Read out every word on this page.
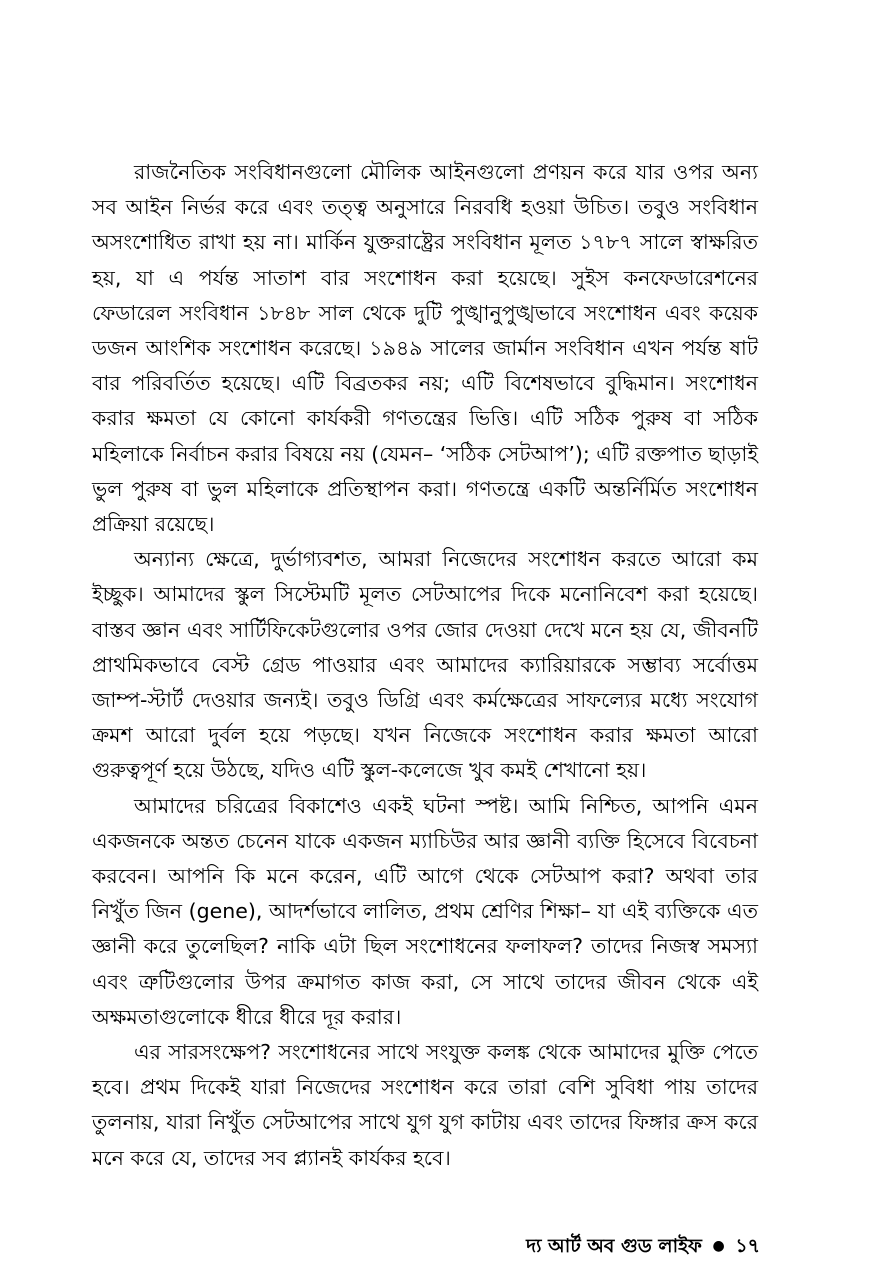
রাজনৈতিক সংবিধানগুলো মৌলিক আইনগুলো প্রণয়ন করে যার ওপর অন্য সব আইন নির্ভর করে এবং তত্ত্ব অনুসারে নিরবধি হওয়া উচিত। তবুও সংবিধান অসংশোধিত রাখা হয় না। মার্কিন যুক্তরাষ্ট্রের সংবিধান মূলত ১৭৮৭ সালে স্বাক্ষরিত হয়, যা এ পর্যন্ত সাতাশ বার সংশোধন করা হয়েছে। সুইস কনফেডারেশনের ফেডারেল সংবিধান ১৮৪৮ সাল থেকে দুটি পুঙ্খানুপুঙ্খভাবে সংশোধন এবং কয়েক ডজন আংশিক সংশোধন করেছে। ১৯৪৯ সালের জার্মান সংবিধান এখন পর্যন্ত ষাট বার পরিবর্তিত হয়েছে। এটি বিব্রতকর নয়; এটি বিশেষভাবে বুদ্ধিমান। সংশোধন করার ক্ষমতা যে কোনো কার্যকরী গণতন্ত্রের ভিত্তি। এটি সঠিক পুরুষ বা সঠিক মহিলাকে নির্বাচন করার বিষয়ে নয় (যেমন– ‘সঠিক সেটআপ’); এটি রক্তপাত ছাড়াই ভুল পুরুষ বা ভুল মহিলাকে প্রতিস্থাপন করা। গণতন্ত্রে একটি অন্তর্নির্মিত সংশোধন প্রক্রিয়া রয়েছে।

অন্যান্য ক্ষেত্রে, দুর্ভাগ্যবশত, আমরা নিজেদের সংশোধন করতে আরো কম ইচ্ছুক। আমাদের স্কুল সিস্টেমটি মূলত সেটআপের দিকে মনোনিবেশ করা হয়েছে। বাস্তব জ্ঞান এবং সার্টিফিকেটগুলোর ওপর জোর দেওয়া দেখে মনে হয় যে, জীবনটি প্রাথমিকভাবে বেস্ট গ্রেড পাওয়ার এবং আমাদের ক্যারিয়ারকে সম্ভাব্য সর্বোত্তম জাম্প-স্টার্ট দেওয়ার জন্যই। তবুও ডিগ্রি এবং কর্মক্ষেত্রের সাফল্যের মধ্যে সংযোগ ক্রমশ আরো দুর্বল হয়ে পড়ছে। যখন নিজেকে সংশোধন করার ক্ষমতা আরো গুরুত্বপূর্ণ হয়ে উঠছে, যদিও এটি স্কুল-কলেজে খুব কমই শেখানো হয়।

আমাদের চরিত্রের বিকাশেও একই ঘটনা স্পষ্ট। আমি নিশ্চিত, আপনি এমন একজনকে অন্তত চেনেন যাকে একজন ম্যাচিউর আর জ্ঞানী ব্যক্তি হিসেবে বিবেচনা করবেন। আপনি কি মনে করেন, এটি আগে থেকে সেটআপ করা? অথবা তার নিখুঁত জিন (gene), আদর্শভাবে লালিত, প্রথম শ্রেণির শিক্ষা– যা এই ব্যক্তিকে এত জ্ঞানী করে তুলেছিল? নাকি এটা ছিল সংশোধনের ফলাফল? তাদের নিজস্ব সমস্যা এবং ত্রুটিগুলোর উপর ক্রমাগত কাজ করা, সে সাথে তাদের জীবন থেকে এই অক্ষমতাগুলোকে ধীরে ধীরে দূর করার।

এর সারসংক্ষেপ? সংশোধনের সাথে সংযুক্ত কলঙ্ক থেকে আমাদের মুক্তি পেতে হবে। প্রথম দিকেই যারা নিজেদের সংশোধন করে তারা বেশি সুবিধা পায় তাদের তুলনায়, যারা নিখুঁত সেটআপের সাথে যুগ যুগ কাটায় এবং তাদের ফিঙ্গার ক্রস করে মনে করে যে, তাদের সব প্ল্যানই কার্যকর হবে।

দ্য আর্ট অব গুড লাইফ ● ১৭
